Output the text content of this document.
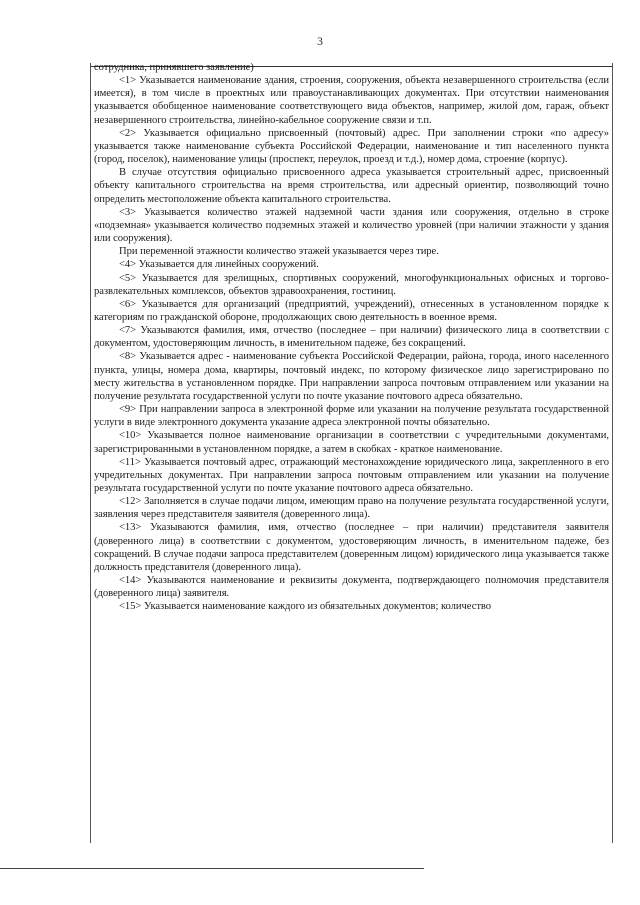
3

сотрудника, принявшего заявление)

<1> Указывается наименование здания, строения, сооружения, объекта незавершенного строительства (если имеется), в том числе в проектных или правоустанавливающих документах. При отсутствии наименования указывается обобщенное наименование соответствующего вида объектов, например, жилой дом, гараж, объект незавершенного строительства, линейно-кабельное сооружение связи и т.п.

<2> Указывается официально присвоенный (почтовый) адрес. При заполнении строки «по адресу» указывается также наименование субъекта Российской Федерации, наименование и тип населенного пункта (город, поселок), наименование улицы (проспект, переулок, проезд и т.д.), номер дома, строение (корпус).

В случае отсутствия официально присвоенного адреса указывается строительный адрес, присвоенный объекту капитального строительства на время строительства, или адресный ориентир, позволяющий точно определить местоположение объекта капитального строительства.

<3> Указывается количество этажей надземной части здания или сооружения, отдельно в строке «подземная» указывается количество подземных этажей и количество уровней (при наличии этажности у здания или сооружения).

При переменной этажности количество этажей указывается через тире.

<4> Указывается для линейных сооружений.

<5> Указывается для зрелищных, спортивных сооружений, многофункциональных офисных и торгово-развлекательных комплексов, объектов здравоохранения, гостиниц.

<6> Указывается для организаций (предприятий, учреждений), отнесенных в установленном порядке к категориям по гражданской обороне, продолжающих свою деятельность в военное время.

<7> Указываются фамилия, имя, отчество (последнее – при наличии) физического лица в соответствии с документом, удостоверяющим личность, в именительном падеже, без сокращений.

<8> Указывается адрес - наименование субъекта Российской Федерации, района, города, иного населенного пункта, улицы, номера дома, квартиры, почтовый индекс, по которому физическое лицо зарегистрировано по месту жительства в установленном порядке. При направлении запроса почтовым отправлением или указании на получение результата государственной услуги по почте указание почтового адреса обязательно.

<9> При направлении запроса в электронной форме или указании на получение результата государственной услуги в виде электронного документа указание адреса электронной почты обязательно.

<10> Указывается полное наименование организации в соответствии с учредительными документами, зарегистрированными в установленном порядке, а затем в скобках - краткое наименование.

<11> Указывается почтовый адрес, отражающий местонахождение юридического лица, закрепленного в его учредительных документах. При направлении запроса почтовым отправлением или указании на получение результата государственной услуги по почте указание почтового адреса обязательно.

<12> Заполняется в случае подачи лицом, имеющим право на получение результата государственной услуги, заявления через представителя заявителя (доверенного лица).

<13> Указываются фамилия, имя, отчество (последнее – при наличии) представителя заявителя (доверенного лица) в соответствии с документом, удостоверяющим личность, в именительном падеже, без сокращений. В случае подачи запроса представителем (доверенным лицом) юридического лица указывается также должность представителя (доверенного лица).

<14> Указываются наименование и реквизиты документа, подтверждающего полномочия представителя (доверенного лица) заявителя.

<15> Указывается наименование каждого из обязательных документов; количество
